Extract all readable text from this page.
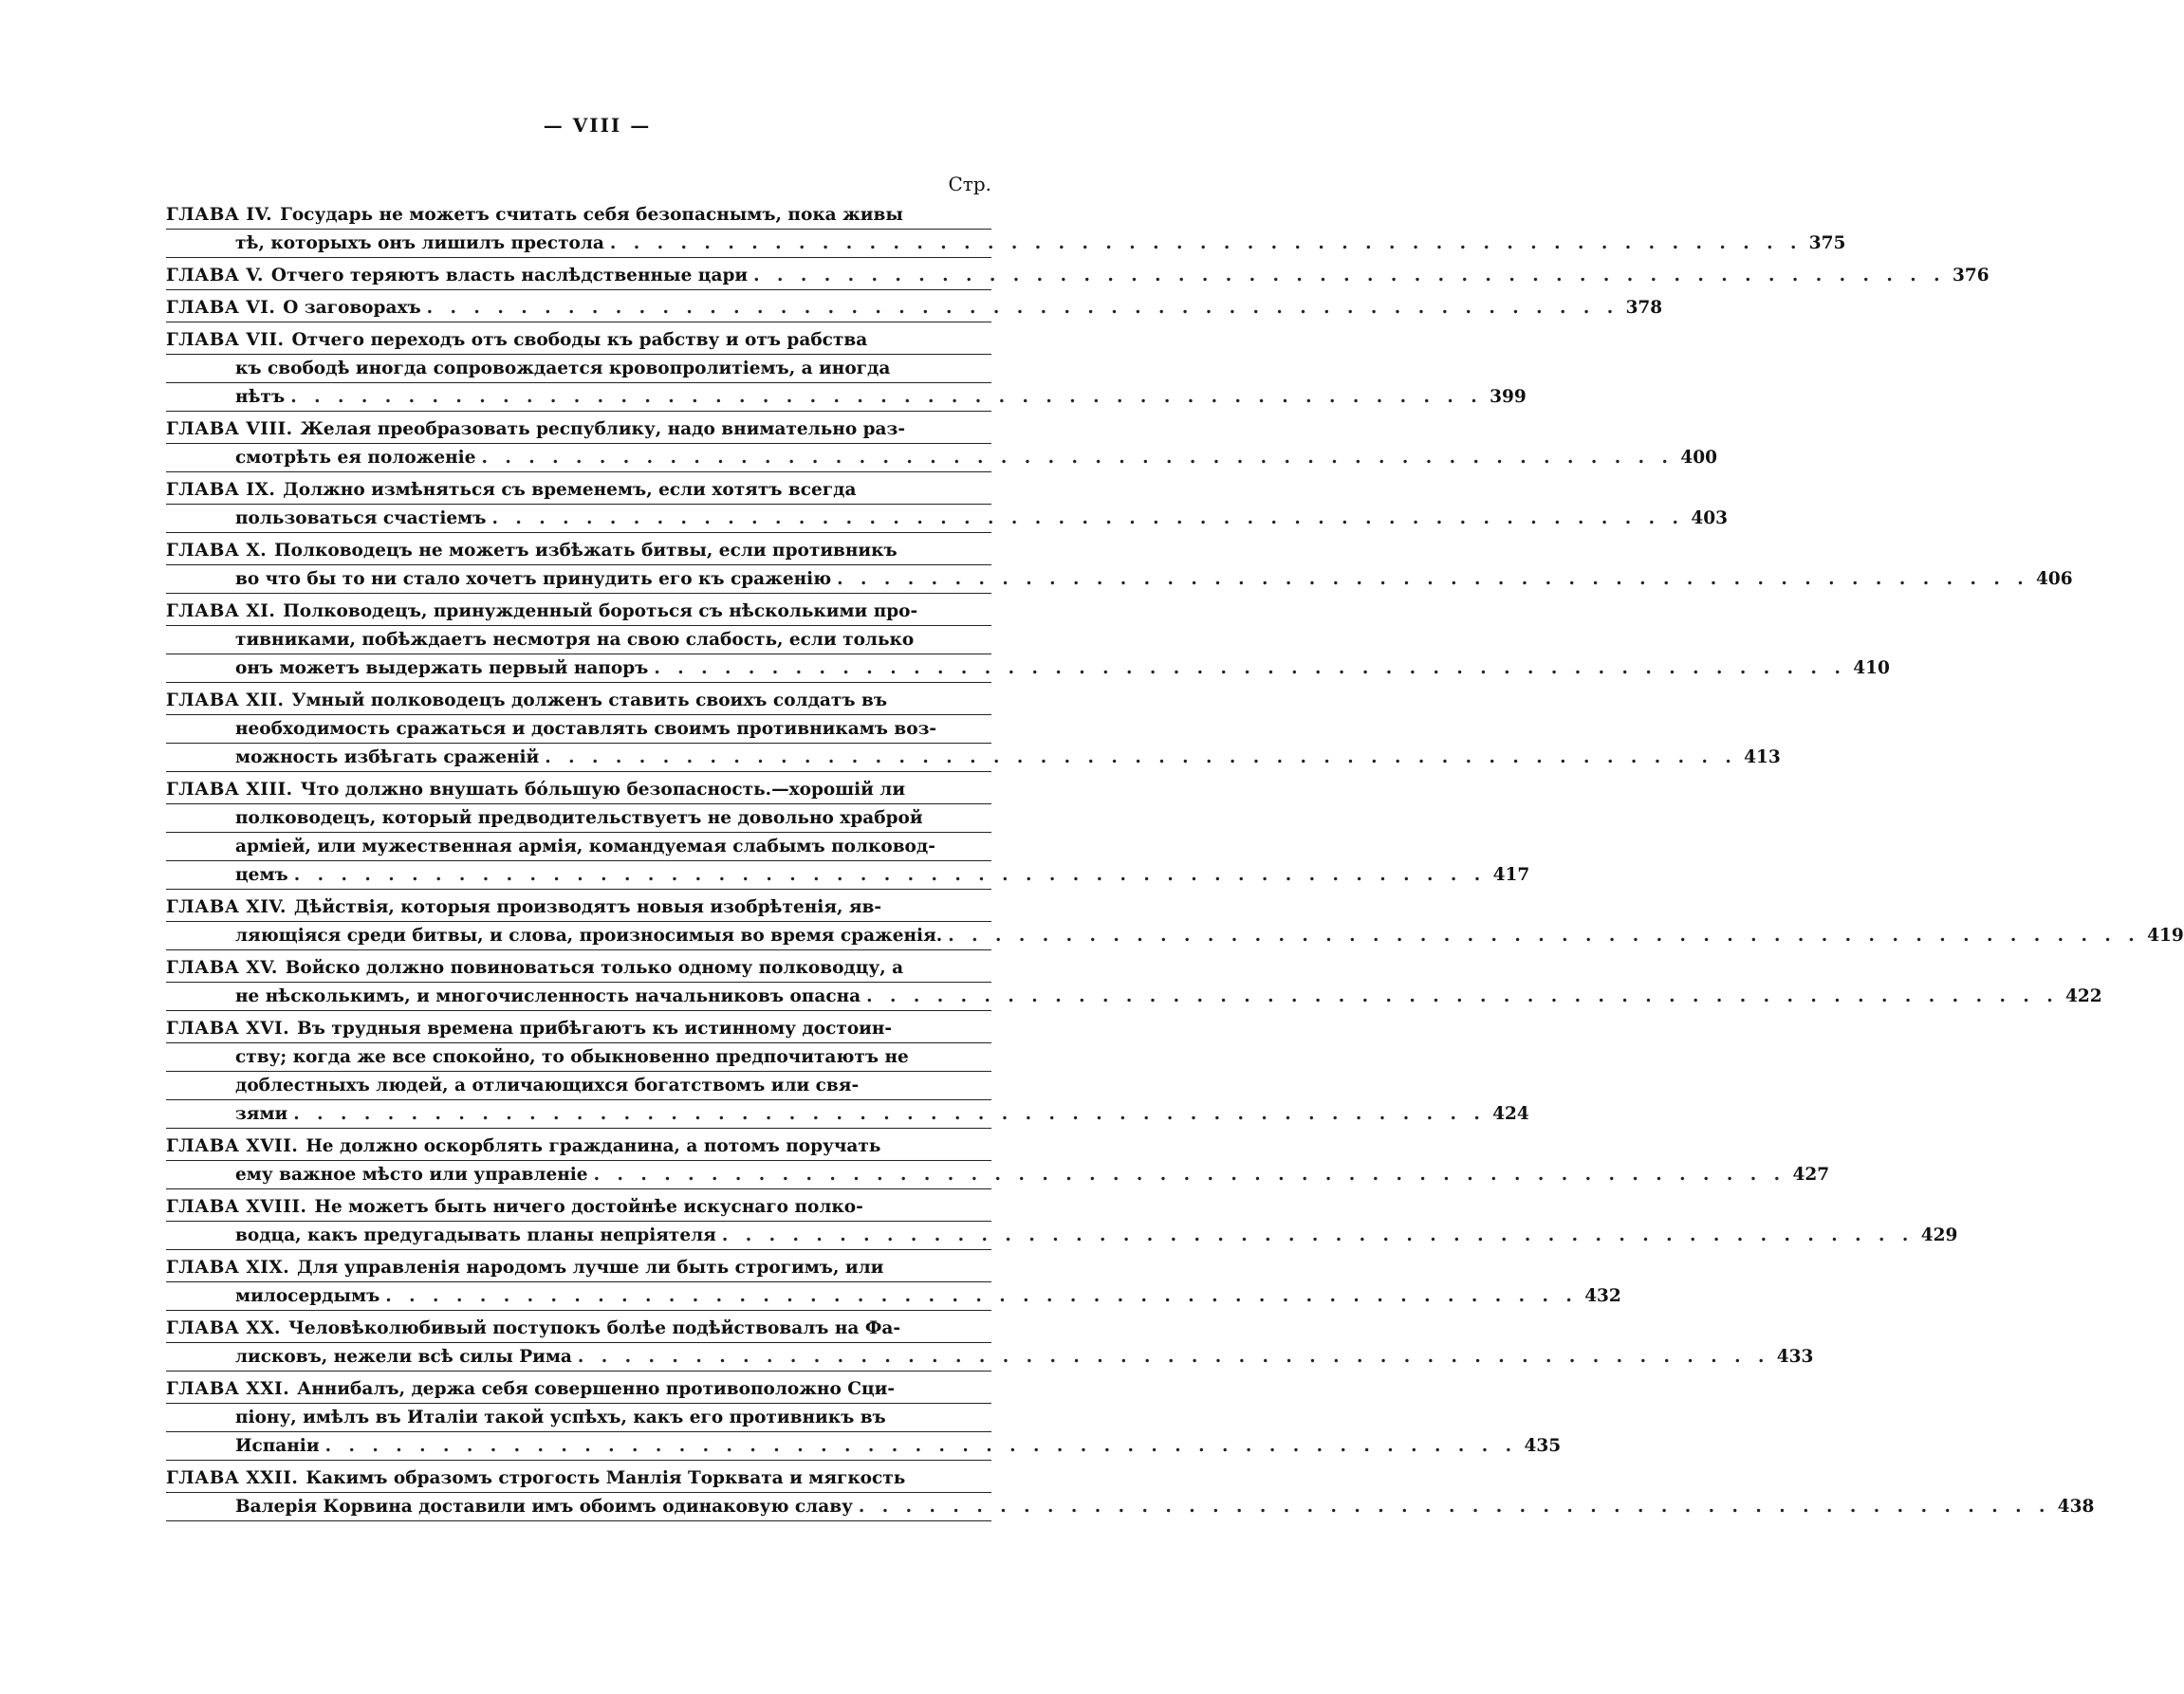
— VIII —
Стр.
ГЛАВА IV. Государь не можетъ считать себя безопаснымъ, пока живы
тѣ, которыхъ онъ лишилъ престола . . . . . . . . . . . . . . . . . . . . . . . . . . . . . . . . . . . . . . . . . . . . . . . . . . . 375
ГЛАВА V. Отчего теряютъ власть наслѣдственные цари . . . . . . . . . . . . . . . . . . . . . . . . . . . . . . . . . . . . . . . . . . . . . . . . . . . 376
ГЛАВА VI. О заговорахъ . . . . . . . . . . . . . . . . . . . . . . . . . . . . . . . . . . . . . . . . . . . . . . . . . . . 378
ГЛАВА VII. Отчего переходъ отъ свободы къ рабству и отъ рабства
къ свободѣ иногда сопровождается кровопролитіемъ, а иногда
нѣтъ . . . . . . . . . . . . . . . . . . . . . . . . . . . . . . . . . . . . . . . . . . . . . . . . . . . 399
ГЛАВА VIII. Желая преобразовать республику, надо внимательно раз-
смотрѣть ея положеніе . . . . . . . . . . . . . . . . . . . . . . . . . . . . . . . . . . . . . . . . . . . . . . . . . . . 400
ГЛАВА IX. Должно измѣняться съ временемъ, если хотятъ всегда
пользоваться счастіемъ . . . . . . . . . . . . . . . . . . . . . . . . . . . . . . . . . . . . . . . . . . . . . . . . . . . 403
ГЛАВА X. Полководецъ не можетъ избѣжать битвы, если противникъ
во что бы то ни стало хочетъ принудить его къ сраженію . . . . . . . . . . . . . . . . . . . . . . . . . . . . . . . . . . . . . . . . . . . . . . . . . . . 406
ГЛАВА XI. Полководецъ, принужденный бороться съ нѣсколькими про-
тивниками, побѣждаетъ несмотря на свою слабость, если только
онъ можетъ выдержать первый напоръ . . . . . . . . . . . . . . . . . . . . . . . . . . . . . . . . . . . . . . . . . . . . . . . . . . . 410
ГЛАВА XII. Умный полководецъ долженъ ставить своихъ солдатъ въ
необходимость сражаться и доставлять своимъ противникамъ воз-
можность избѣгать сраженій . . . . . . . . . . . . . . . . . . . . . . . . . . . . . . . . . . . . . . . . . . . . . . . . . . . 413
ГЛАВА XIII. Что должно внушать бо́льшую безопасность.—хорошій ли
полководецъ, который предводительствуетъ не довольно храброй
арміей, или мужественная армія, командуемая слабымъ полковод-
цемъ . . . . . . . . . . . . . . . . . . . . . . . . . . . . . . . . . . . . . . . . . . . . . . . . . . . 417
ГЛАВА XIV. Дѣйствія, которыя производятъ новыя изобрѣтенія, яв-
ляющіяся среди битвы, и слова, произносимыя во время сраженія. . . . . . . . . . . . . . . . . . . . . . . . . . . . . . . . . . . . . . . . . . . . . . . . . . . . 419
ГЛАВА XV. Войско должно повиноваться только одному полководцу, а
не нѣсколькимъ, и многочисленность начальниковъ опасна . . . . . . . . . . . . . . . . . . . . . . . . . . . . . . . . . . . . . . . . . . . . . . . . . . . 422
ГЛАВА XVI. Въ трудныя времена прибѣгаютъ къ истинному достоин-
ству; когда же все спокойно, то обыкновенно предпочитаютъ не
доблестныхъ людей, а отличающихся богатствомъ или свя-
зями . . . . . . . . . . . . . . . . . . . . . . . . . . . . . . . . . . . . . . . . . . . . . . . . . . . 424
ГЛАВА XVII. Не должно оскорблять гражданина, а потомъ поручать
ему важное мѣсто или управленіе . . . . . . . . . . . . . . . . . . . . . . . . . . . . . . . . . . . . . . . . . . . . . . . . . . . 427
ГЛАВА XVIII. Не можетъ быть ничего достойнѣе искуснаго полко-
водца, какъ предугадывать планы непріятеля . . . . . . . . . . . . . . . . . . . . . . . . . . . . . . . . . . . . . . . . . . . . . . . . . . . 429
ГЛАВА XIX. Для управленія народомъ лучше ли быть строгимъ, или
милосердымъ . . . . . . . . . . . . . . . . . . . . . . . . . . . . . . . . . . . . . . . . . . . . . . . . . . . 432
ГЛАВА XX. Человѣколюбивый поступокъ болѣе подѣйствовалъ на Фа-
лисковъ, нежели всѣ силы Рима . . . . . . . . . . . . . . . . . . . . . . . . . . . . . . . . . . . . . . . . . . . . . . . . . . . 433
ГЛАВА XXI. Аннибалъ, держа себя совершенно противоположно Сци-
піону, имѣлъ въ Италіи такой успѣхъ, какъ его противникъ въ
Испаніи . . . . . . . . . . . . . . . . . . . . . . . . . . . . . . . . . . . . . . . . . . . . . . . . . . . 435
ГЛАВА XXII. Какимъ образомъ строгость Манлія Торквата и мягкость
Валерія Корвина доставили имъ обоимъ одинаковую славу . . . . . . . . . . . . . . . . . . . . . . . . . . . . . . . . . . . . . . . . . . . . . . . . . . . 438
